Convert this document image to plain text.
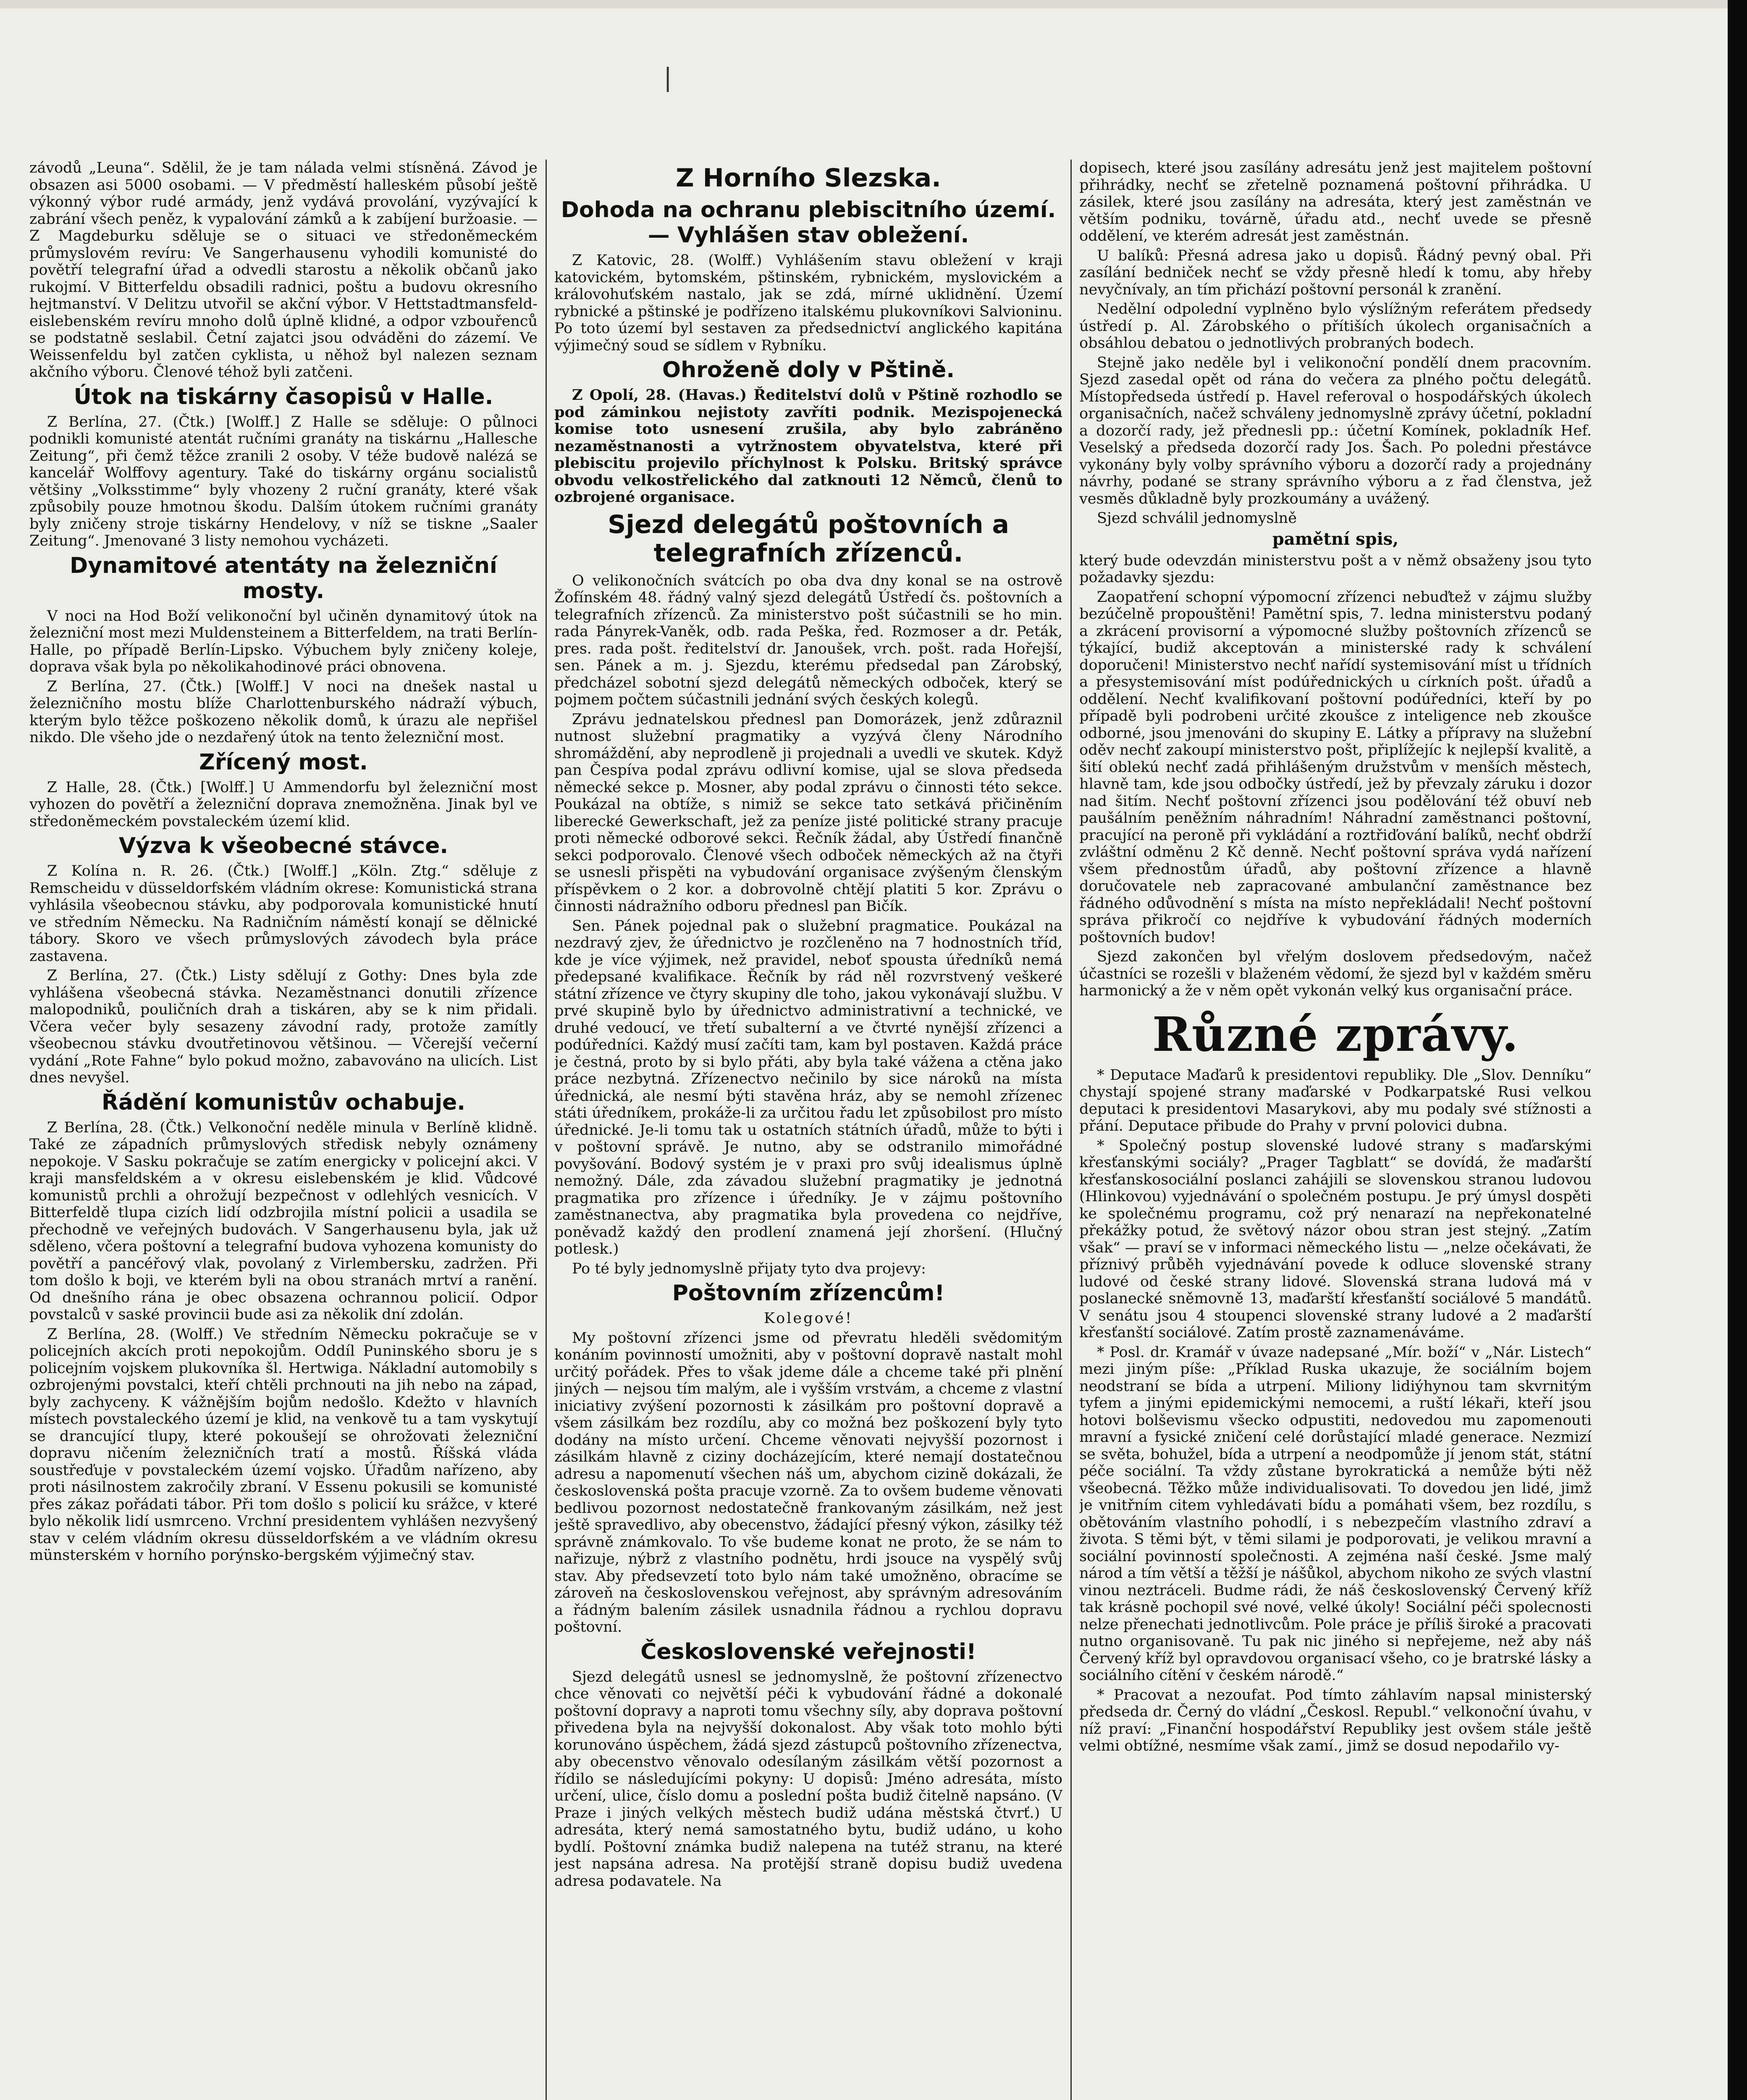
|

závodů „Leuna“. Sdělil, že je tam nálada velmi stísněná. Závod je obsazen asi 5000 osobami. — V předměstí halleském působí ještě výkonný výbor rudé armády, jenž vydává provolání, vyzývající k zabrání všech peněz, k vypalování zámků a k zabíjení buržoasie. — Z Magdeburku sděluje se o situaci ve středoněmeckém průmyslovém revíru: Ve Sangerhausenu vyhodili komunisté do povětří telegrafní úřad a odvedli starostu a několik občanů jako rukojmí. V Bitterfeldu obsadili radnici, poštu a budovu okresního hejtmanství. V Delitzu utvořil se akční výbor. V Hettstadtmansfeld-eislebenském revíru mnoho dolů úplně klidné, a odpor vzbouřenců se podstatně seslabil. Četní zajatci jsou odváděni do zázemí. Ve Weissenfeldu byl zatčen cyklista, u něhož byl nalezen seznam akčního výboru. Členové téhož byli zatčeni.

Útok na tiskárny časopisů v Halle.

Z Berlína, 27. (Čtk.) [Wolff.] Z Halle se sděluje: O půlnoci podnikli komunisté atentát ručními granáty na tiskárnu „Hallesche Zeitung“, při čemž těžce zranili 2 osoby. V téže budově nalézá se kancelář Wolffovy agentury. Také do tiskárny orgánu socialistů většiny „Volksstimme“ byly vhozeny 2 ruční granáty, které však způsobily pouze hmotnou škodu. Dalším útokem ručními granáty byly zničeny stroje tiskárny Hendelovy, v níž se tiskne „Saaler Zeitung“. Jmenované 3 listy nemohou vycházeti.

Dynamitové atentáty na železniční mosty.

V noci na Hod Boží velikonoční byl učiněn dynamitový útok na železniční most mezi Muldensteinem a Bitterfeldem, na trati Berlín-Halle, po případě Berlín-Lipsko. Výbuchem byly zničeny koleje, doprava však byla po několikahodinové práci obnovena.

Z Berlína, 27. (Čtk.) [Wolff.] V noci na dnešek nastal u železničního mostu blíže Charlottenburského nádraží výbuch, kterým bylo těžce poškozeno několik domů, k úrazu ale nepřišel nikdo. Dle všeho jde o nezdařený útok na tento železniční most.

Zřícený most.

Z Halle, 28. (Čtk.) [Wolff.] U Ammendorfu byl železniční most vyhozen do povětří a železniční doprava znemožněna. Jinak byl ve středoněmeckém povstaleckém území klid.

Výzva k všeobecné stávce.

Z Kolína n. R. 26. (Čtk.) [Wolff.] „Köln. Ztg.“ sděluje z Remscheidu v düsseldorfském vládním okrese: Komunistická strana vyhlásila všeobecnou stávku, aby podporovala komunistické hnutí ve středním Německu. Na Radničním náměstí konají se dělnické tábory. Skoro ve všech průmyslových závodech byla práce zastavena.

Z Berlína, 27. (Čtk.) Listy sdělují z Gothy: Dnes byla zde vyhlášena všeobecná stávka. Nezaměstnanci donutili zřízence malopodniků, pouličních drah a tiskáren, aby se k nim přidali. Včera večer byly sesazeny závodní rady, protože zamítly všeobecnou stávku dvoutřetinovou většinou. — Včerejší večerní vydání „Rote Fahne“ bylo pokud možno, zabavováno na ulicích. List dnes nevyšel.

Řádění komunistův ochabuje.

Z Berlína, 28. (Čtk.) Velkonoční neděle minula v Berlíně klidně. Také ze západních průmyslových středisk nebyly oznámeny nepokoje. V Sasku pokračuje se zatím energicky v policejní akci. V kraji mansfeldském a v okresu eislebenském je klid. Vůdcové komunistů prchli a ohrožují bezpečnost v odlehlých vesnicích. V Bitterfeldě tlupa cizích lidí odzbrojila místní policii a usadila se přechodně ve veřejných budovách. V Sangerhausenu byla, jak už sděleno, včera poštovní a telegrafní budova vyhozena komunisty do povětří a pancéřový vlak, povolaný z Virlembersku, zadržen. Při tom došlo k boji, ve kterém byli na obou stranách mrtví a ranění. Od dnešního rána je obec obsazena ochrannou policií. Odpor povstalců v saské provincii bude asi za několik dní zdolán.

Z Berlína, 28. (Wolff.) Ve středním Německu pokračuje se v policejních akcích proti nepokojům. Oddíl Puninského sboru je s policejním vojskem plukovníka šl. Hertwiga. Nákladní automobily s ozbrojenými povstalci, kteří chtěli prchnouti na jih nebo na západ, byly zachyceny. K vážnějším bojům nedošlo. Kdežto v hlavních místech povstaleckého území je klid, na venkově tu a tam vyskytují se drancující tlupy, které pokoušejí se ohrožovati železniční dopravu ničením železničních tratí a mostů. Říšská vláda soustřeďuje v povstaleckém území vojsko. Úřadům nařízeno, aby proti násilnostem zakročily zbraní. V Essenu pokusili se komunisté přes zákaz pořádati tábor. Při tom došlo s policií ku srážce, v které bylo několik lidí usmrceno. Vrchní presidentem vyhlášen nezvyšený stav v celém vládním okresu düsseldorfském a ve vládním okresu münsterském v horního porýnsko-bergském výjimečný stav.

Z Horního Slezska.
Dohoda na ochranu plebiscitního území. — Vyhlášen stav obležení.

Z Katovic, 28. (Wolff.) Vyhlášením stavu obležení v kraji katovickém, bytomském, pštinském, rybnickém, myslovickém a královohuťském nastalo, jak se zdá, mírné uklidnění. Území rybnické a pštinské je podřízeno italskému plukovníkovi Salvioninu. Po toto území byl sestaven za předsednictví anglického kapitána výjimečný soud se sídlem v Rybníku.

Ohroženě doly v Pštině.

Z Opolí, 28. (Havas.) Ředitelství dolů v Pštině rozhodlo se pod záminkou nejistoty zavříti podnik. Mezispojenecká komise toto usnesení zrušila, aby bylo zabráněno nezaměstnanosti a vytržnostem obyvatelstva, které při plebiscitu projevilo příchylnost k Polsku. Britský správce obvodu velkostřelického dal zatknouti 12 Němců, členů to ozbrojené organisace.

Sjezd delegátů poštovních a telegrafních zřízenců.

O velikonočních svátcích po oba dva dny konal se na ostrově Žofínském 48. řádný valný sjezd delegátů Ústředí čs. poštovních a telegrafních zřízenců. Za ministerstvo pošt súčastnili se ho min. rada Pányrek-Vaněk, odb. rada Peška, řed. Rozmoser a dr. Peták, pres. rada pošt. ředitelství dr. Janoušek, vrch. pošt. rada Hořejší, sen. Pánek a m. j. Sjezdu, kterému předsedal pan Zárobský, předcházel sobotní sjezd delegátů německých odboček, který se pojmem počtem súčastnili jednání svých českých kolegů.

Zprávu jednatelskou přednesl pan Domorázek, jenž zdůraznil nutnost služební pragmatiky a vyzývá členy Národního shromáždění, aby neprodleně ji projednali a uvedli ve skutek. Když pan Čespíva podal zprávu odlivní komise, ujal se slova předseda německé sekce p. Mosner, aby podal zprávu o činnosti této sekce. Poukázal na obtíže, s nimiž se sekce tato setkává přičiněním liberecké Gewerkschaft, jež za peníze jisté politické strany pracuje proti německé odborové sekci. Řečník žádal, aby Ústředí finančně sekci podporovalo. Členové všech odboček německých až na čtyři se usnesli přispěti na vybudování organisace zvýšeným členským příspěvkem o 2 kor. a dobrovolně chtějí platiti 5 kor. Zprávu o činnosti nádražního odboru přednesl pan Bičík.

Sen. Pánek pojednal pak o služební pragmatice. Poukázal na nezdravý zjev, že úřednictvo je rozčleněno na 7 hodnostních tříd, kde je více výjimek, než pravidel, neboť spousta úředníků nemá předepsané kvalifikace. Řečník by rád něl rozvrstvený veškeré státní zřízence ve čtyry skupiny dle toho, jakou vykonávají službu. V prvé skupině bylo by úřednictvo administrativní a technické, ve druhé vedoucí, ve třetí subalterní a ve čtvrté nynější zřízenci a podúředníci. Každý musí začíti tam, kam byl postaven. Každá práce je čestná, proto by si bylo přáti, aby byla také vážena a ctěna jako práce nezbytná. Zřízenectvo nečinilo by sice nároků na místa úřednická, ale nesmí býti stavěna hráz, aby se nemohl zřízenec státi úředníkem, prokáže-li za určitou řadu let způsobilost pro místo úřednické. Je-li tomu tak u ostatních státních úřadů, může to býti i v poštovní správě. Je nutno, aby se odstranilo mimořádné povyšování. Bodový systém je v praxi pro svůj idealismus úplně nemožný. Dále, zda závadou služební pragmatiky je jednotná pragmatika pro zřízence i úředníky. Je v zájmu poštovního zaměstnanectva, aby pragmatika byla provedena co nejdříve, poněvadž každý den prodlení znamená její zhoršení. (Hlučný potlesk.)

Po té byly jednomyslně přijaty tyto dva projevy:

Poštovním zřízencům!

Kolegové!

My poštovní zřízenci jsme od převratu hleděli svědomitým konáním povinností umožniti, aby v poštovní dopravě nastalt mohl určitý pořádek. Přes to však jdeme dále a chceme také při plnění jiných — nejsou tím malým, ale i vyšším vrstvám, a chceme z vlastní iniciativy zvýšení pozornosti k zásilkám pro poštovní dopravě a všem zásilkám bez rozdílu, aby co možná bez poškození byly tyto dodány na místo určení. Chceme věnovati nejvyšší pozornost i zásilkám hlavně z ciziny docházejícím, které nemají dostatečnou adresu a napomenutí všechen náš um, abychom cizině dokázali, že československá pošta pracuje vzorně. Za to ovšem budeme věnovati bedlivou pozornost nedostatečně frankovaným zásilkám, než jest ještě spravedlivo, aby obecenstvo, žádající přesný výkon, zásilky též správně známkovalo. To vše budeme konat ne proto, že se nám to nařizuje, nýbrž z vlastního podnětu, hrdi jsouce na vyspělý svůj stav. Aby předsevzetí toto bylo nám také umožněno, obracíme se zároveň na československou veřejnost, aby správným adresováním a řádným balením zásilek usnadnila řádnou a rychlou dopravu poštovní.

Československé veřejnosti!

Sjezd delegátů usnesl se jednomyslně, že poštovní zřízenectvo chce věnovati co největší péči k vybudování řádné a dokonalé poštovní dopravy a naproti tomu všechny síly, aby doprava poštovní přivedena byla na nejvyšší dokonalost. Aby však toto mohlo býti korunováno úspěchem, žádá sjezd zástupců poštovního zřízenectva, aby obecenstvo věnovalo odesílaným zásilkám větší pozornost a řídilo se následujícími pokyny: U dopisů: Jméno adresáta, místo určení, ulice, číslo domu a poslední pošta budiž čitelně napsáno. (V Praze i jiných velkých městech budiž udána městská čtvrť.) U adresáta, který nemá samostatného bytu, budiž udáno, u koho bydlí. Poštovní známka budiž nalepena na tutéž stranu, na které jest napsána adresa. Na protější straně dopisu budiž uvedena adresa podavatele. Na

dopisech, které jsou zasílány adresátu jenž jest majitelem poštovní přihrádky, nechť se zřetelně poznamená poštovní přihrádka. U zásilek, které jsou zasílány na adresáta, který jest zaměstnán ve větším podniku, továrně, úřadu atd., nechť uvede se přesně oddělení, ve kterém adresát jest zaměstnán.

U balíků: Přesná adresa jako u dopisů. Řádný pevný obal. Při zasílání bedniček nechť se vždy přesně hledí k tomu, aby hřeby nevyčnívaly, an tím přichází poštovní personál k zranění.

Nedělní odpolední vyplněno bylo výslížným referátem předsedy ústředí p. Al. Zárobského o přítiších úkolech organisačních a obsáhlou debatou o jednotlivých probraných bodech.

Stejně jako neděle byl i velikonoční pondělí dnem pracovním. Sjezd zasedal opět od rána do večera za plného počtu delegátů. Místopředseda ústředí p. Havel referoval o hospodářských úkolech organisačních, načež schváleny jednomyslně zprávy účetní, pokladní a dozorčí rady, jež přednesli pp.: účetní Komínek, pokladník Hef. Veselský a předseda dozorčí rady Jos. Šach. Po poledni přestávce vykonány byly volby správního výboru a dozorčí rady a projednány návrhy, podané se strany správního výboru a z řad členstva, jež vesměs důkladně byly prozkoumány a uvážený.

Sjezd schválil jednomyslně

pamětní spis,

který bude odevzdán ministerstvu pošt a v němž obsaženy jsou tyto požadavky sjezdu:

Zaopatření schopní výpomocní zřízenci nebuďtež v zájmu služby bezúčelně propouštěni! Pamětní spis, 7. ledna ministerstvu podaný a zkrácení provisorní a výpomocné služby poštovních zřízenců se týkající, budiž akceptován a ministerské rady k schválení doporučeni! Ministerstvo nechť nařídí systemisování míst u třídních a přesystemisování míst podúřednických u církních pošt. úřadů a oddělení. Nechť kvalifikovaní poštovní podúředníci, kteří by po případě byli podrobeni určité zkoušce z inteligence neb zkoušce odborné, jsou jmenováni do skupiny E. Látky a přípravy na služební oděv nechť zakoupí ministerstvo pošt, připlížejíc k nejlepší kvalitě, a šití oblekú nechť zadá přihlášeným družstvům v menších městech, hlavně tam, kde jsou odbočky ústředí, jež by převzaly záruku i dozor nad šitím. Nechť poštovní zřízenci jsou podělování též obuví neb paušálním peněžním náhradním! Náhradní zaměstnanci poštovní, pracující na peroně při vykládání a roztřiďování balíků, nechť obdrží zvláštní odměnu 2 Kč denně. Nechť poštovní správa vydá nařízení všem přednostům úřadů, aby poštovní zřízence a hlavně doručovatele neb zapracované ambulanční zaměstnance bez řádného odůvodnění s místa na místo nepřekládali! Nechť poštovní správa přikročí co nejdříve k vybudování řádných moderních poštovních budov!

Sjezd zakončen byl vřelým doslovem předsedovým, načež účastníci se rozešli v blaženém vědomí, že sjezd byl v každém směru harmonický a že v něm opět vykonán velký kus organisační práce.

Různé zprávy.

* Deputace Maďarů k presidentovi republiky. Dle „Slov. Denníku“ chystají spojené strany maďarské v Podkarpatské Rusi velkou deputaci k presidentovi Masarykovi, aby mu podaly své stížnosti a přání. Deputace přibude do Prahy v první polovici dubna.

* Společný postup slovenské ludové strany s maďarskými křesťanskými sociály? „Prager Tagblatt“ se dovídá, že maďarští křesťanskosociální poslanci zahájili se slovenskou stranou ludovou (Hlinkovou) vyjednávání o společném postupu. Je prý úmysl dospěti ke společnému programu, což prý nenarazí na nepřekonatelné překážky potud, že světový názor obou stran jest stejný. „Zatím však“ — praví se v informaci německého listu — „nelze očekávati, že příznivý průběh vyjednávání povede k odluce slovenské strany ludové od české strany lidové. Slovenská strana ludová má v poslanecké sněmovně 13, maďarští křesťanští sociálové 5 mandátů. V senátu jsou 4 stoupenci slovenské strany ludové a 2 maďarští křesťanští sociálové. Zatím prostě zaznamenáváme.

* Posl. dr. Kramář v úvaze nadepsané „Mír. boží“ v „Nár. Listech“ mezi jiným píše: „Příklad Ruska ukazuje, že sociálním bojem neodstraní se bída a utrpení. Miliony lidiýhynou tam skvrnitým tyfem a jinými epidemickými nemocemi, a ruští lékaři, kteří jsou hotovi bolševismu všecko odpustiti, nedovedou mu zapomenouti mravní a fysické zničení celé dorůstající mladé generace. Nezmizí se světa, bohužel, bída a utrpení a neodpomůže jí jenom stát, státní péče sociální. Ta vždy zůstane byrokratická a nemůže býti něž všeobecná. Těžko může individualisovati. To dovedou jen lidé, jimž je vnitřním citem vyhledávati bídu a pomáhati všem, bez rozdílu, s obětováním vlastního pohodlí, i s nebezpečím vlastního zdraví a života. S těmi být, v těmi silami je podporovati, je velikou mravní a sociální povinností společnosti. A zejména naší české. Jsme malý národ a tím větší a těžší je nášůkol, abychom nikoho ze svých vlastní vinou neztráceli. Budme rádi, že náš československý Červený kříž tak krásně pochopil své nové, velké úkoly! Sociální péči spolecnosti nelze přenechati jednotlivcům. Pole práce je příliš široké a pracovati nutno organisovaně. Tu pak nic jiného si nepřejeme, než aby náš Červený kříž byl opravdovou organisací všeho, co je bratrské lásky a sociálního cítění v českém národě.“

* Pracovat a nezoufat. Pod tímto záhlavím napsal ministerský předseda dr. Černý do vládní „Českosl. Republ.“ velkonoční úvahu, v níž praví: „Finanční hospodářství Republiky jest ovšem stále ještě velmi obtížné, nesmíme však zamí., jimž se dosud nepodařilo vy-
